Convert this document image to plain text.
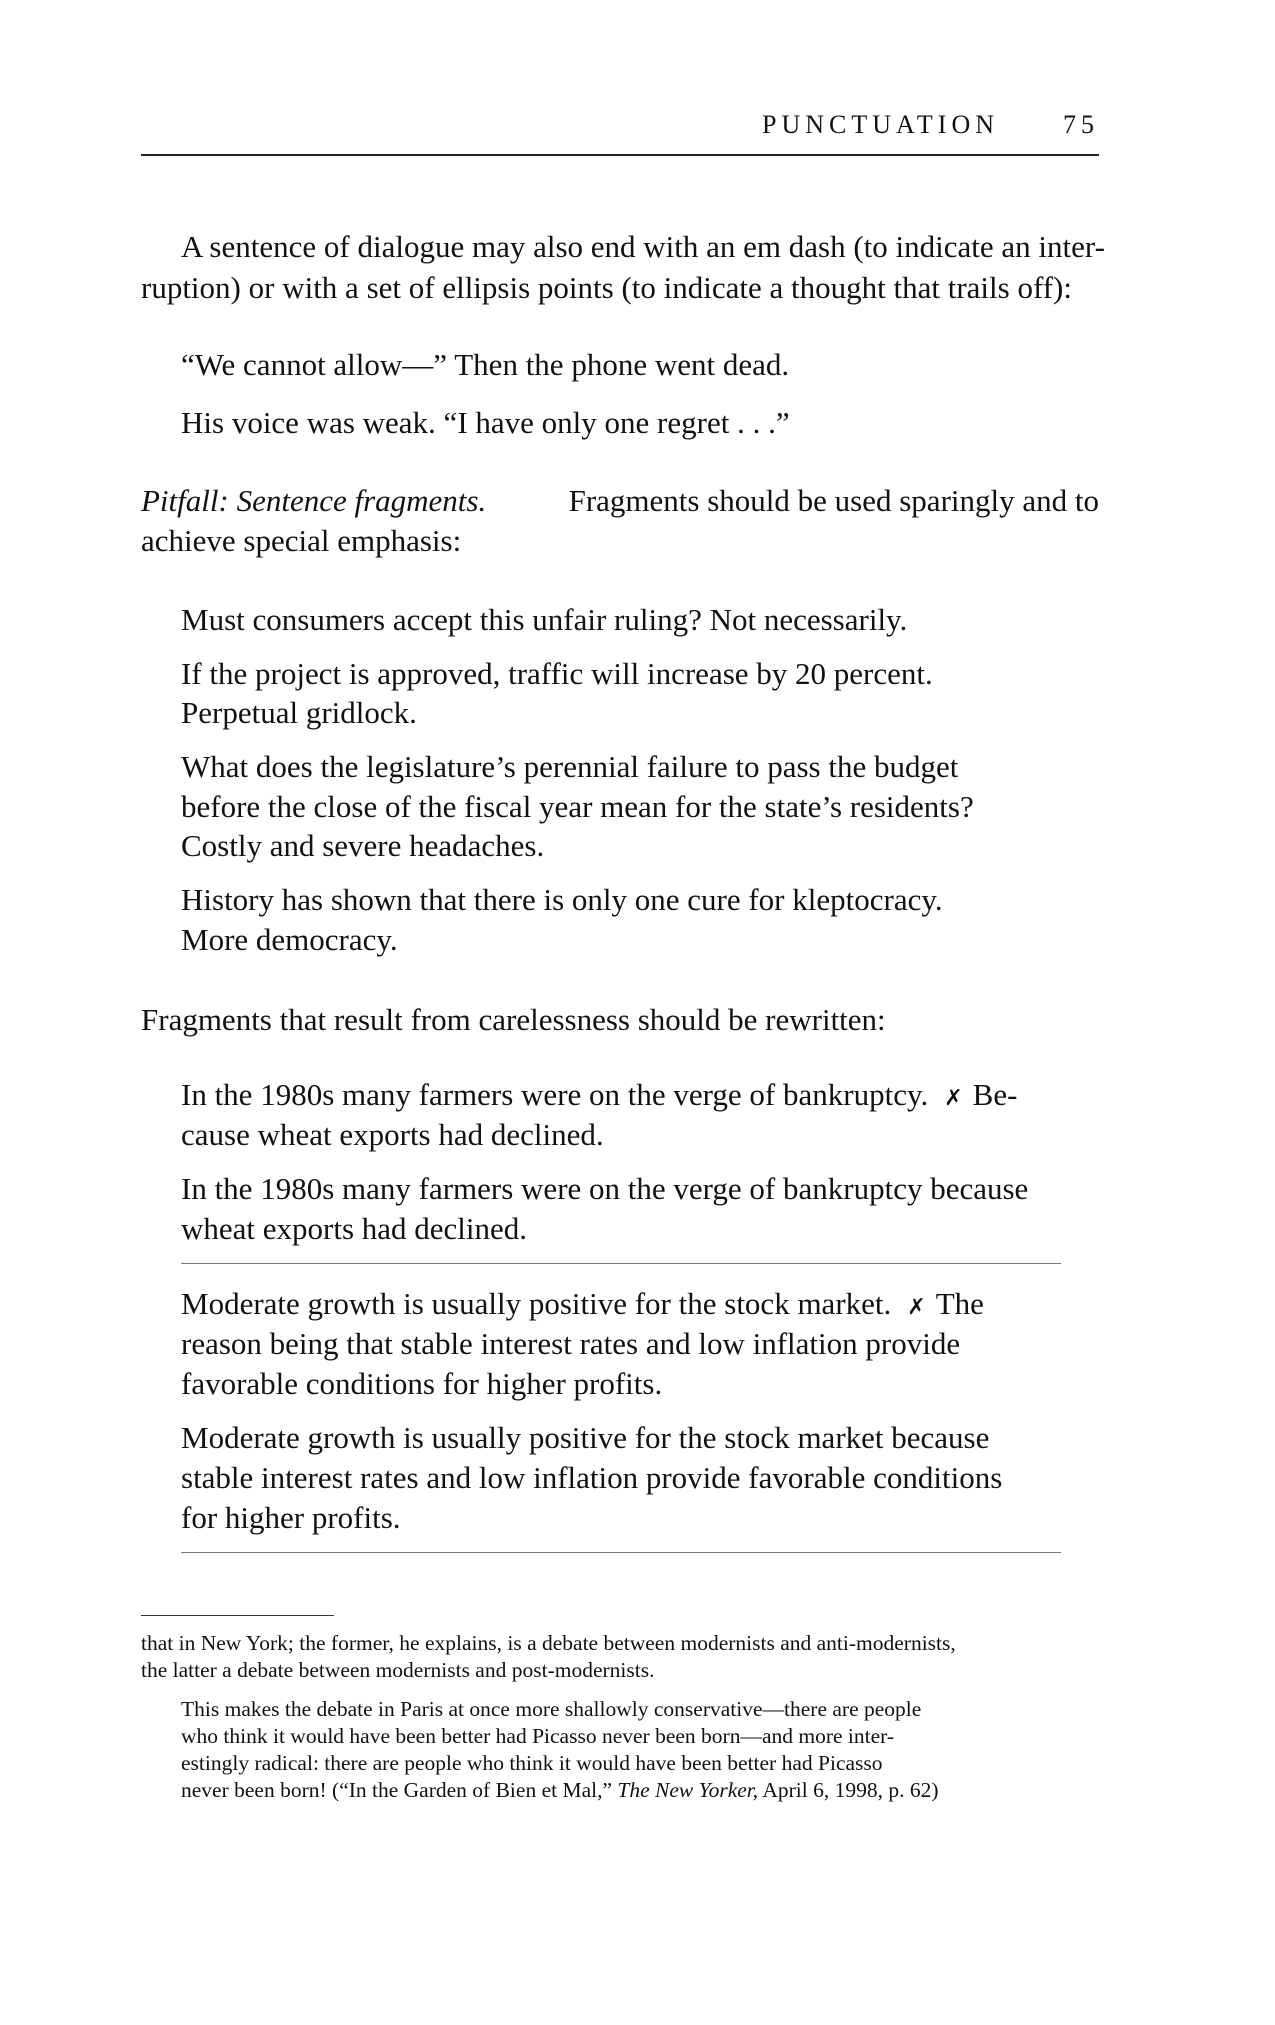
PUNCTUATION 75

A sentence of dialogue may also end with an em dash (to indicate an inter-

ruption) or with a set of ellipsis points (to indicate a thought that trails off):

“We cannot allow—” Then the phone went dead.

His voice was weak. “I have only one regret . . .”

Pitfall: Sentence fragments.	Fragments should be used sparingly and to

achieve special emphasis:

Must consumers accept this unfair ruling? Not necessarily.

If the project is approved, traffic will increase by 20 percent.

Perpetual gridlock.

What does the legislature’s perennial failure to pass the budget

before the close of the fiscal year mean for the state’s residents?

Costly and severe headaches.

History has shown that there is only one cure for kleptocracy.

More democracy.

Fragments that result from carelessness should be rewritten:

In the 1980s many farmers were on the verge of bankruptcy. ✗ Be-

cause wheat exports had declined.

In the 1980s many farmers were on the verge of bankruptcy because

wheat exports had declined.

Moderate growth is usually positive for the stock market. ✗ The

reason being that stable interest rates and low inflation provide

favorable conditions for higher profits.

Moderate growth is usually positive for the stock market because

stable interest rates and low inflation provide favorable conditions

for higher profits.

that in New York; the former, he explains, is a debate between modernists and anti-modernists,

the latter a debate between modernists and post-modernists.

This makes the debate in Paris at once more shallowly conservative—there are people

who think it would have been better had Picasso never been born—and more inter-

estingly radical: there are people who think it would have been better had Picasso

never been born! (“In the Garden of Bien et Mal,” The New Yorker, April 6, 1998, p. 62)
